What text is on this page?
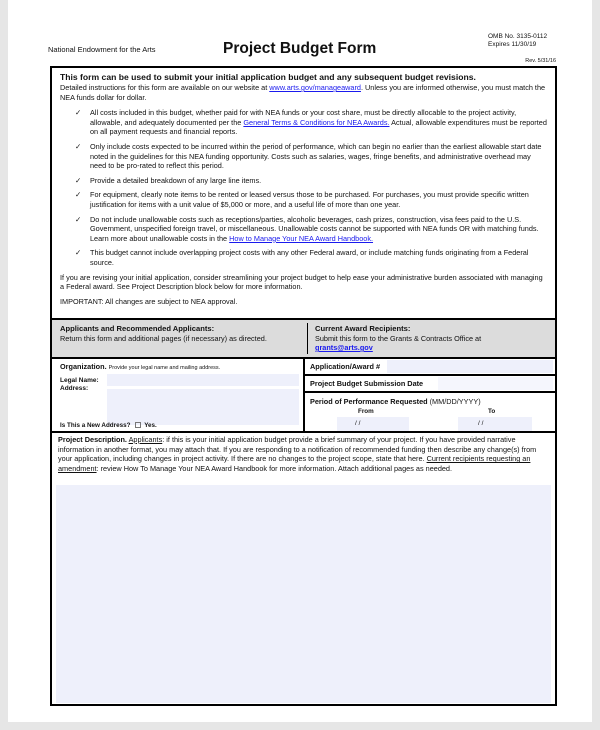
National Endowment for the Arts	Project Budget Form
OMB No. 3135-0112
Expires 11/30/19
Rev. 5/31/16
This form can be used to submit your initial application budget and any subsequent budget revisions.
Detailed instructions for this form are available on our website at www.arts.gov/manageaward. Unless you are informed otherwise, you must match the NEA funds dollar for dollar.
✓ All costs included in this budget, whether paid for with NEA funds or your cost share, must be directly allocable to the project activity, allowable, and adequately documented per the General Terms & Conditions for NEA Awards. Actual, allowable expenditures must be reported on all payment requests and financial reports.
✓ Only include costs expected to be incurred within the period of performance, which can begin no earlier than the earliest allowable start date noted in the guidelines for this NEA funding opportunity. Costs such as salaries, wages, fringe benefits, and administrative overhead may need to be pro-rated to reflect this period.
✓ Provide a detailed breakdown of any large line items.
✓ For equipment, clearly note items to be rented or leased versus those to be purchased. For purchases, you must provide specific written justification for items with a unit value of $5,000 or more, and a useful life of more than one year.
✓ Do not include unallowable costs such as receptions/parties, alcoholic beverages, cash prizes, construction, visa fees paid to the U.S. Government, unspecified foreign travel, or miscellaneous. Unallowable costs cannot be supported with NEA funds OR with matching funds. Learn more about unallowable costs in the How to Manage Your NEA Award Handbook.
✓ This budget cannot include overlapping project costs with any other Federal award, or include matching funds originating from a Federal source.

If you are revising your initial application, consider streamlining your project budget to help ease your administrative burden associated with managing a Federal award. See Project Description block below for more information.

IMPORTANT: All changes are subject to NEA approval.

Applicants and Recommended Applicants:
Return this form and additional pages (if necessary) as directed.
Current Award Recipients:
Submit this form to the Grants & Contracts Office at
grants@arts.gov
Organization. Provide your legal name and mailing address.
Legal Name:
Address:
Is This a New Address? Yes.
Application/Award #
Project Budget Submission Date
Period of Performance Requested (MM/DD/YYYY)
From	To
/ /	/ /
Project Description. Applicants: if this is your initial application budget provide a brief summary of your project. If you have provided narrative information in another format, you may attach that. If you are responding to a notification of recommended funding then describe any change(s) from your application, including changes in project activity. If there are no changes to the project scope, state that here. Current recipients requesting an amendment: review How To Manage Your NEA Award Handbook for more information. Attach additional pages as needed.
